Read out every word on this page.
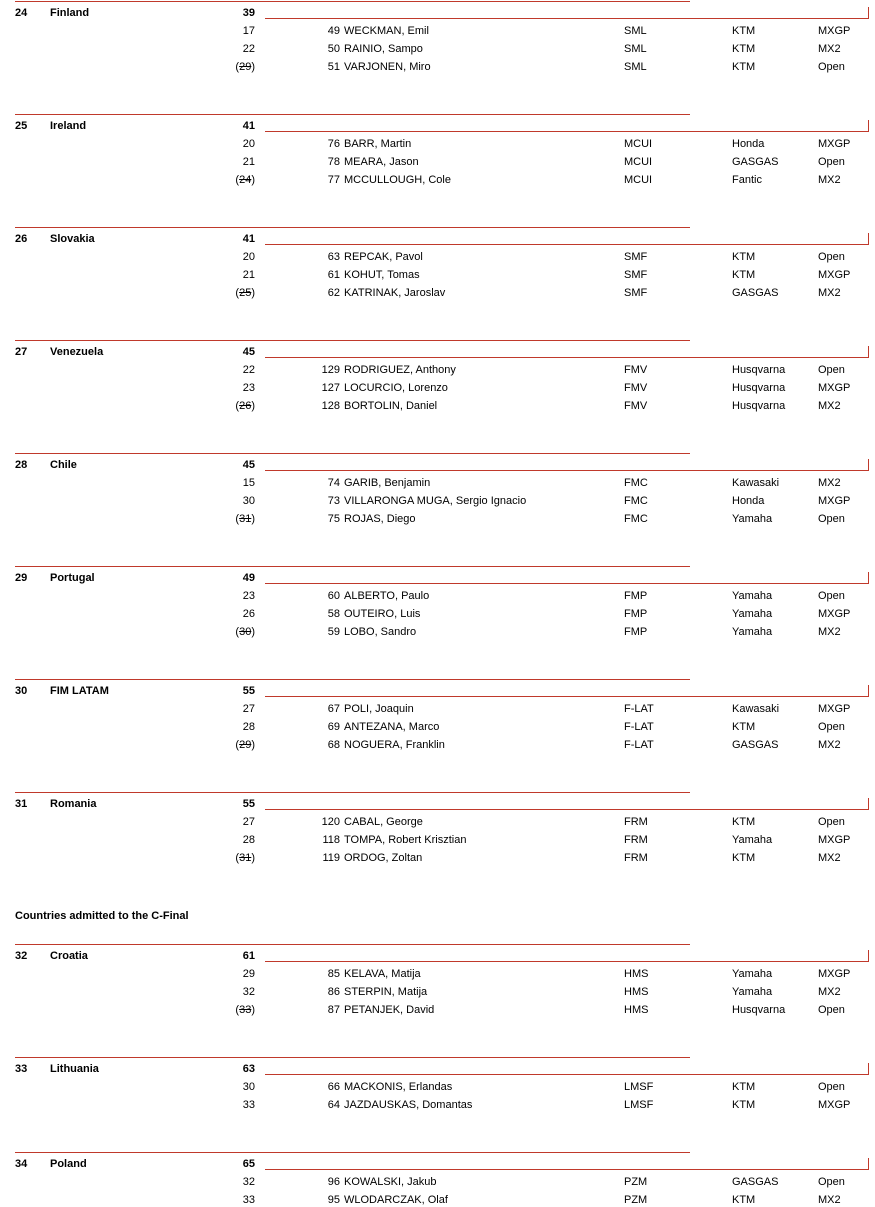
24 Finland	39
17	49 WECKMAN, Emil	SML	KTM	MXGP
22	50 RAINIO, Sampo	SML	KTM	MX2
(29)	51 VARJONEN, Miro	SML	KTM	Open
25 Ireland	41
20	76 BARR, Martin	MCUI	Honda	MXGP
21	78 MEARA, Jason	MCUI	GASGAS	Open
(24)	77 MCCULLOUGH, Cole	MCUI	Fantic	MX2
26 Slovakia	41
20	63 REPCAK, Pavol	SMF	KTM	Open
21	61 KOHUT, Tomas	SMF	KTM	MXGP
(25)	62 KATRINAK, Jaroslav	SMF	GASGAS	MX2
27 Venezuela	45
22	129 RODRIGUEZ, Anthony	FMV	Husqvarna	Open
23	127 LOCURCIO, Lorenzo	FMV	Husqvarna	MXGP
(26)	128 BORTOLIN, Daniel	FMV	Husqvarna	MX2
28 Chile	45
15	74 GARIB, Benjamin	FMC	Kawasaki	MX2
30	73 VILLARONGA MUGA, Sergio Ignacio	FMC	Honda	MXGP
(31)	75 ROJAS, Diego	FMC	Yamaha	Open
29 Portugal	49
23	60 ALBERTO, Paulo	FMP	Yamaha	Open
26	58 OUTEIRO, Luis	FMP	Yamaha	MXGP
(30)	59 LOBO, Sandro	FMP	Yamaha	MX2
30 FIM LATAM	55
27	67 POLI, Joaquin	F-LAT	Kawasaki	MXGP
28	69 ANTEZANA, Marco	F-LAT	KTM	Open
(29)	68 NOGUERA, Franklin	F-LAT	GASGAS	MX2
31 Romania	55
27	120 CABAL, George	FRM	KTM	Open
28	118 TOMPA, Robert Krisztian	FRM	Yamaha	MXGP
(31)	119 ORDOG, Zoltan	FRM	KTM	MX2
Countries admitted to the C-Final
32 Croatia	61
29	85 KELAVA, Matija	HMS	Yamaha	MXGP
32	86 STERPIN, Matija	HMS	Yamaha	MX2
(33)	87 PETANJEK, David	HMS	Husqvarna	Open
33 Lithuania	63
30	66 MACKONIS, Erlandas	LMSF	KTM	Open
33	64 JAZDAUSKAS, Domantas	LMSF	KTM	MXGP
34 Poland	65
32	96 KOWALSKI, Jakub	PZM	GASGAS	Open
33	95 WLODARCZAK, Olaf	PZM	KTM	MX2
